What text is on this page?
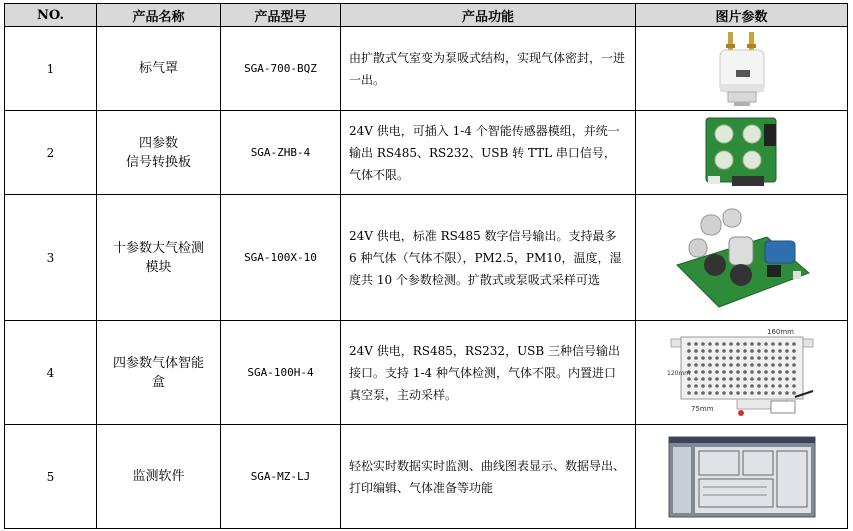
NO.	产品名称	产品型号	产品功能	图片参数
1	标气罩	SGA-700-BQZ	由扩散式气室变为泵吸式结构，实现气体密封，一进一出。	

2	四参数
信号转换板	SGA-ZHB-4	24V 供电，可插入 1-4 个智能传感器模组，并统一输出 RS485、RS232、USB 转 TTL 串口信号，气体不限。	

3	十参数大气检测
模块	SGA-100X-10	24V 供电，标准 RS485 数字信号输出。支持最多 6 种气体（气体不限），PM2.5，PM10，温度，湿度共 10 个参数检测。扩散式或泵吸式采样可选	

4	四参数气体智能
盒	SGA-100H-4	24V 供电，RS485，RS232，USB 三种信号输出接口。支持 1-4 种气体检测，气体不限。内置进口真空泵，主动采样。	160mm
120mm
75mm

5	监测软件	SGA-MZ-LJ	轻松实时数据实时监测、曲线图表显示、数据导出、打印编辑、气体准备等功能	
